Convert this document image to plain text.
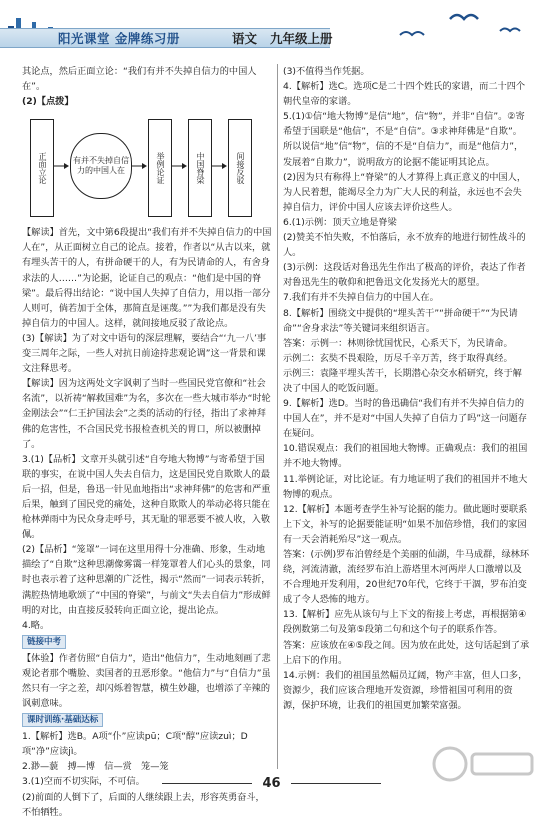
阳光课堂 金牌练习册	语文 九年级上册

其论点，然后正面立论：“我们有并不失掉自信力的中国人在”。

(2)【点拨】

正面立论	有并不失掉自信力的中国人在	举例论证	中国脊梁	间接反驳

【解读】首先，文中第6段提出“我们有并不失掉自信力的中国人在”，从正面树立自己的论点。接着，作者以“从古以来，就有埋头苦干的人，有拼命硬干的人，有为民请命的人，有舍身求法的人……”为论据，论证自己的观点：“他们是中国的脊梁”。最后得出结论：“说中国人失掉了自信力，用以指一部分人则可，倘若加于全体，那简直是诬蔑。””为我们都是没有失掉自信力的中国人。这样，就间接地反驳了敌论点。

(3)【解读】为了对文中语句的深层理解，要结合“‘九一八’事变三周年之际，一些人对抗日前途持悲观论调”这一背景和课文注释思考。

【解读】因为这两处文字讽刺了当时一些国民党官僚和“社会名流”，以祈祷“解救国难”为名，多次在一些大城市举办“时轮金刚法会”“仁王护国法会”之类的活动的行径，指出了求神拜佛的危害性，不合国民党书报检查机关的胃口，所以被删掉了。

3.(1)【品析】文章开头就引述“自夸地大物博”与寄希望于国联的事实，在说中国人失去自信力，这是国民党自欺欺人的最后一招，但是，鲁迅一针见血地指出“求神拜佛”的危害和严重后果，触到了国民党的痛处，这种自欺欺人的举动必将只能在枪林弹雨中为民众身走呼号，其无耻的罪恶要不被人收，入敬佩。

(2)【品析】“笼罩”一词在这里用得十分准确、形象，生动地描绘了“自欺”这种思潮像雾霭一样笼罩着人们心头的景象，同时也表示着了这种思潮的广泛性，揭示“然而”一词表示转折，满腔热情地歌颂了“中国的脊梁”，与前文“失去自信力”形成鲜明的对比，由直接反驳转向正面立论，提出论点。

4.略。

链接中考

【体验】作者仿照“自信力”，造出“他信力”，生动地刻画了悲观论者那个嘴脸、卖国者的丑恶形象。“他信力”与“自信力”虽然只有一字之差，却闪烁着智慧，横生妙趣，也增添了辛辣的讽刺意味。

课时训练·基础达标

1.【解析】选B。A项“仆”应读pū；C项“醇”应读zuì；D项“净”应读jì。

2.渺—藐　搏—博　信—赏　笼—笼

3.(1)空而不切实际，不可信。

(2)前面的人倒下了，后面的人继续跟上去，形容英勇奋斗，不怕牺牲。

(3)不值得当作凭据。

4.【解析】选C。选项C是二十四个姓氏的家谱，而二十四个朝代皇帝的家谱。

5.(1)①信“地大物博”是信“地”，信“物”，并非“自信”。②寄希望于国联是“他信”，不是“自信”。③求神拜佛是“自欺”。所以说信“地”信“物”，信的不是“自信力”，而是“他信力”，发展着“自欺力”，说明敌方的论据不能证明其论点。

(2)因为只有称得上“脊梁”的人才算得上真正意义的中国人，为人民着想，能竭尽全力为广大人民的利益，永远也不会失掉自信力，评价中国人应该去评价这些人。

6.(1)示例：顶天立地是脊梁

(2)赞美不怕失败，不怕落后，永不放弃的地进行韧性战斗的人。

(3)示例：这段话对鲁迅先生作出了极高的评价，表达了作者对鲁迅先生的敬仰和把鲁迅文化发扬光大的愿望。

7.我们有并不失掉自信力的中国人在。

8.【解析】围绕文中提供的“埋头苦干”“拼命硬干”“为民请命”“舍身求法”等关键词来组织语言。

答案：示例一：林则徐忧国忧民，心系天下，为民请命。

示例二：玄奘不畏艰险，历尽千辛万苦，终于取得真经。

示例三：袁隆平埋头苦干，长期潜心杂交水稻研究，终于解决了中国人的吃饭问题。

9.【解析】选D。当时的鲁迅确信“我们有并不失掉自信力的中国人在”，并不是对“中国人失掉了自信力了吗”这一问题存在疑问。

10.错误观点：我们的祖国地大物博。正确观点：我们的祖国并不地大物博。

11.举例论证，对比论证。有力地证明了我们的祖国并不地大物博的观点。

12.【解析】本题考查学生补写论据的能力。做此题时要联系上下文，补写的论据要能证明“如果不加倍珍惜，我们的家园有一天会消耗殆尽”这一观点。

答案：(示例)罗布泊曾经是个美丽的仙湖，牛马成群，绿林环绕，河流清澈，流经罗布泊上游塔里木河两岸人口激增以及不合理地开发利用，20世纪70年代，它终于干涸，罗布泊变成了令人恐怖的地方。

13.【解析】应先从该句与上下文的衔接上考虑，再根据第④段例数第二句及第⑤段第二句和这个句子的联系作答。

答案：应该放在④⑤段之间。因为放在此处，这句话起到了承上启下的作用。

14.示例：我们的祖国虽然幅员辽阔，物产丰富，但人口多，资源少，我们应该合理地开发资源，珍惜祖国可利用的资源，保护环境，让我们的祖国更加繁荣富强。

46
